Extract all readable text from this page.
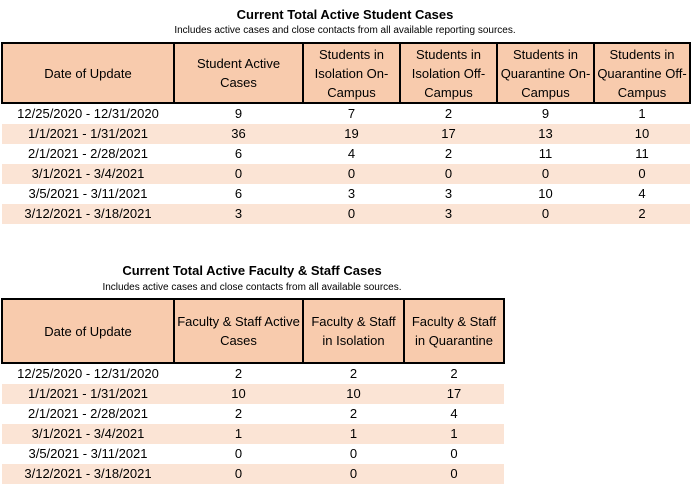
Current Total Active Student Cases
Includes active cases and close contacts from all available reporting sources.
Date of Update	Student Active Cases	Students in Isolation On-Campus	Students in Isolation Off-Campus	Students in Quarantine On-Campus	Students in Quarantine Off-Campus
12/25/2020 - 12/31/2020	9	7	2	9	1
1/1/2021 - 1/31/2021	36	19	17	13	10
2/1/2021 - 2/28/2021	6	4	2	11	11
3/1/2021 - 3/4/2021	0	0	0	0	0
3/5/2021 - 3/11/2021	6	3	3	10	4
3/12/2021 - 3/18/2021	3	0	3	0	2
Current Total Active Faculty & Staff Cases
Includes active cases and close contacts from all available sources.
Date of Update	Faculty & Staff Active Cases	Faculty & Staff in Isolation	Faculty & Staff in Quarantine
12/25/2020 - 12/31/2020	2	2	2
1/1/2021 - 1/31/2021	10	10	17
2/1/2021 - 2/28/2021	2	2	4
3/1/2021 - 3/4/2021	1	1	1
3/5/2021 - 3/11/2021	0	0	0
3/12/2021 - 3/18/2021	0	0	0
